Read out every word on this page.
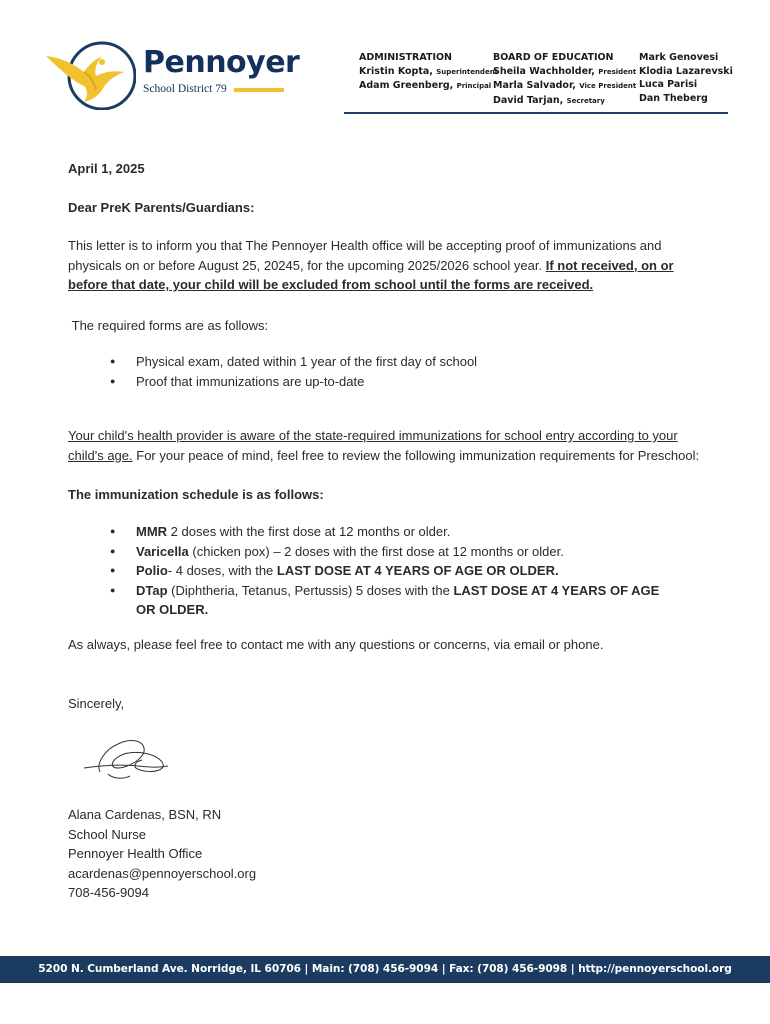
Pennoyer
School District 79
ADMINISTRATION
Kristin Kopta, Superintendent
Adam Greenberg, Principal
BOARD OF EDUCATION
Sheila Wachholder, President
Marla Salvador, Vice President
David Tarjan, Secretary
Mark Genovesi
Klodia Lazarevski
Luca Parisi
Dan Theberg
April 1, 2025
Dear PreK Parents/Guardians:
This letter is to inform you that The Pennoyer Health office will be accepting proof of immunizations and physicals on or before August 25, 20245, for the upcoming 2025/2026 school year. If not received, on or before that date, your child will be excluded from school until the forms are received.
The required forms are as follows:
● Physical exam, dated within 1 year of the first day of school
● Proof that immunizations are up-to-date
Your child's health provider is aware of the state-required immunizations for school entry according to your child's age. For your peace of mind, feel free to review the following immunization requirements for Preschool:
The immunization schedule is as follows:
● MMR 2 doses with the first dose at 12 months or older.
● Varicella (chicken pox) – 2 doses with the first dose at 12 months or older.
● Polio- 4 doses, with the LAST DOSE AT 4 YEARS OF AGE OR OLDER.
● DTap (Diphtheria, Tetanus, Pertussis) 5 doses with the LAST DOSE AT 4 YEARS OF AGE OR OLDER.
As always, please feel free to contact me with any questions or concerns, via email or phone.
Sincerely,
Alana Cardenas, BSN, RN
School Nurse
Pennoyer Health Office
acardenas@pennoyerschool.org
708-456-9094
5200 N. Cumberland Ave. Norridge, IL 60706 | Main: (708) 456-9094 | Fax: (708) 456-9098 | http://pennoyerschool.org
